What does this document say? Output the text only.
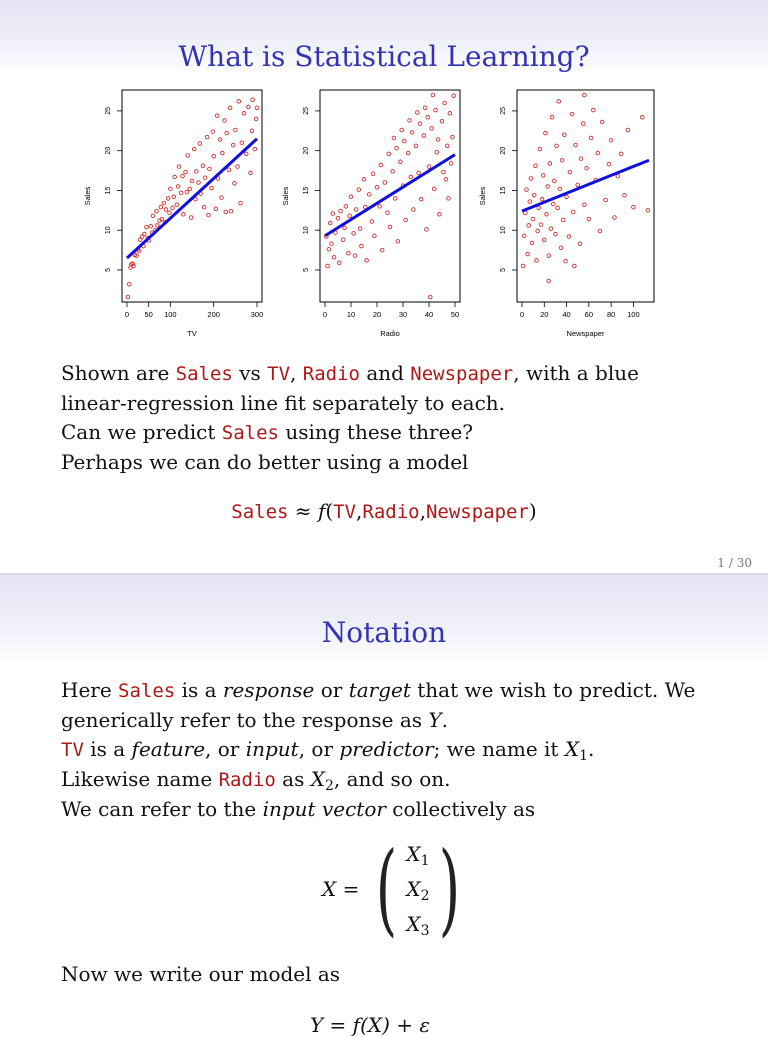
What is Statistical Learning?
5
10
15
20
25
0 50 100	200	300
TV
Sales
5
10
15
20
25
0	10 20 30 40 50
Radio
Sales
5
10
15
20
25
0 20 40 60 80 100
Newspaper
Sales
Shown are Sales vs TV, Radio and Newspaper, with a blue
linear-regression line fit separately to each.
Can we predict Sales using these three?
Perhaps we can do better using a model
Sales ≈ f(TV,Radio,Newspaper)
1 / 30
Notation
Here Sales is a response or target that we wish to predict. We
generically refer to the response as Y.
TV is a feature, or input, or predictor; we name it $X_1$.
Likewise name Radio as $X_2$, and so on.
We can refer to the input vector collectively as
X = ( $X_1$
$X_2$
$X_3$ )
Now we write our model as
Y = f(X) + ε
